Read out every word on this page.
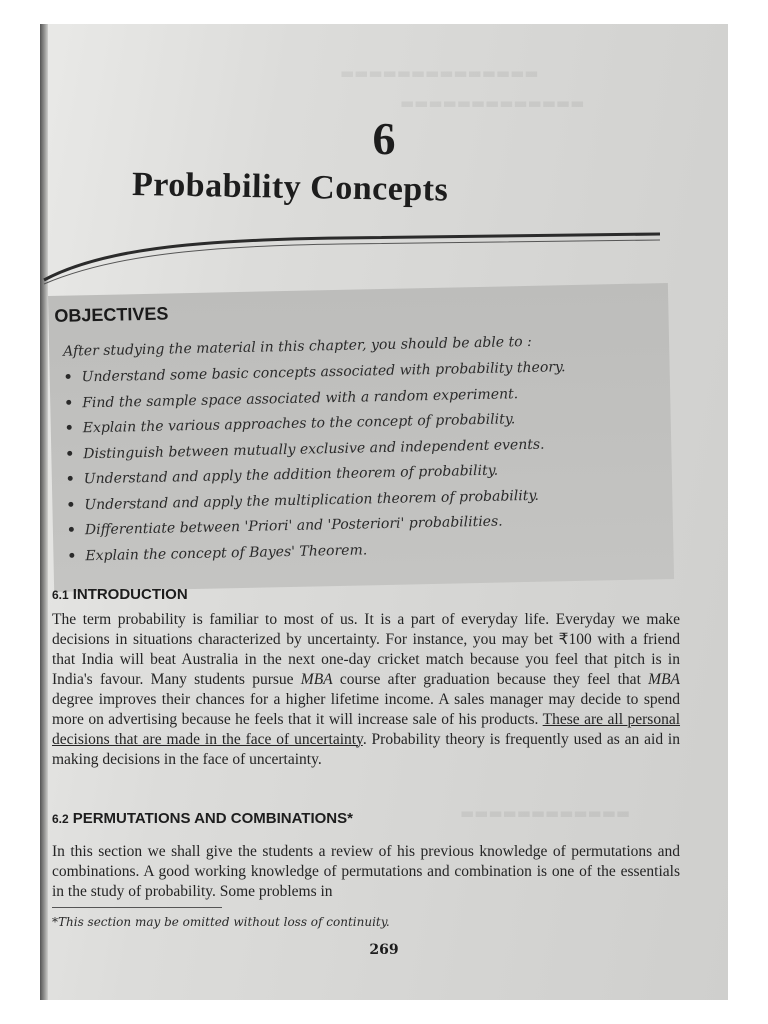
▬▬▬▬▬▬▬▬▬▬▬▬▬▬
▬▬▬▬▬▬▬▬▬▬▬▬▬
▬▬▬▬▬▬▬▬▬▬▬▬
6
Probability Concepts
OBJECTIVES
After studying the material in this chapter, you should be able to :
• Understand some basic concepts associated with probability theory.
• Find the sample space associated with a random experiment.
• Explain the various approaches to the concept of probability.
• Distinguish between mutually exclusive and independent events.
• Understand and apply the addition theorem of probability.
• Understand and apply the multiplication theorem of probability.
• Differentiate between 'Priori' and 'Posteriori' probabilities.
• Explain the concept of Bayes' Theorem.
6.1 INTRODUCTION
The term probability is familiar to most of us. It is a part of everyday life. Everyday we make decisions in situations characterized by uncertainty. For instance, you may bet ₹100 with a friend that India will beat Australia in the next one-day cricket match because you feel that pitch is in India's favour. Many students pursue MBA course after graduation because they feel that MBA degree improves their chances for a higher lifetime income. A sales manager may decide to spend more on advertising because he feels that it will increase sale of his products. These are all personal decisions that are made in the face of uncertainty. Probability theory is frequently used as an aid in making decisions in the face of uncertainty.
6.2 PERMUTATIONS AND COMBINATIONS*
In this section we shall give the students a review of his previous knowledge of permutations and combinations. A good working knowledge of permutations and combination is one of the essentials in the study of probability. Some problems in
*This section may be omitted without loss of continuity.
269
